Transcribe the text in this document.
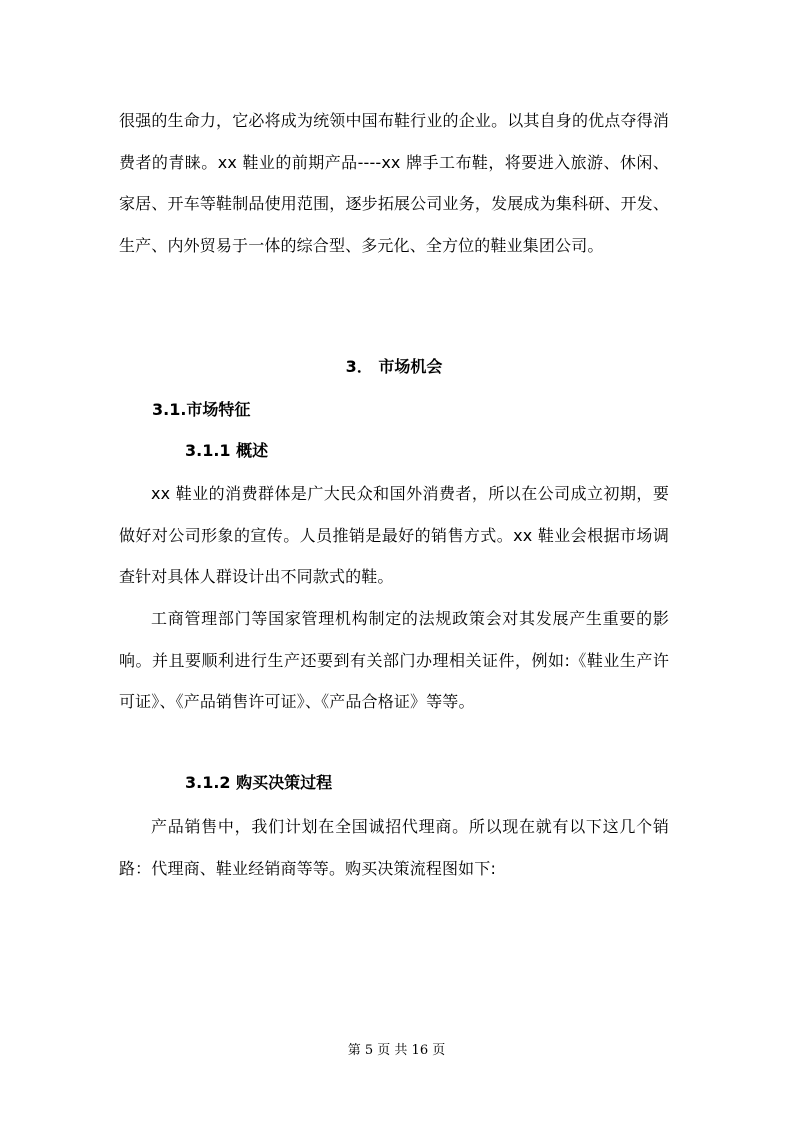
很强的生命力，它必将成为统领中国布鞋行业的企业。以其自身的优点夺得消费者的青睐。xx 鞋业的前期产品----xx 牌手工布鞋，将要进入旅游、休闲、家居、开车等鞋制品使用范围，逐步拓展公司业务，发展成为集科研、开发、生产、内外贸易于一体的综合型、多元化、全方位的鞋业集团公司。

3． 市场机会
3.1.市场特征
3.1.1 概述

xx 鞋业的消费群体是广大民众和国外消费者，所以在公司成立初期，要做好对公司形象的宣传。人员推销是最好的销售方式。xx 鞋业会根据市场调查针对具体人群设计出不同款式的鞋。

工商管理部门等国家管理机构制定的法规政策会对其发展产生重要的影响。并且要顺利进行生产还要到有关部门办理相关证件，例如:《鞋业生产许可证》、《产品销售许可证》、《产品合格证》等等。

3.1.2 购买决策过程

产品销售中，我们计划在全国诚招代理商。所以现在就有以下这几个销路：代理商、鞋业经销商等等。购买决策流程图如下:

第 5 页 共 16 页
